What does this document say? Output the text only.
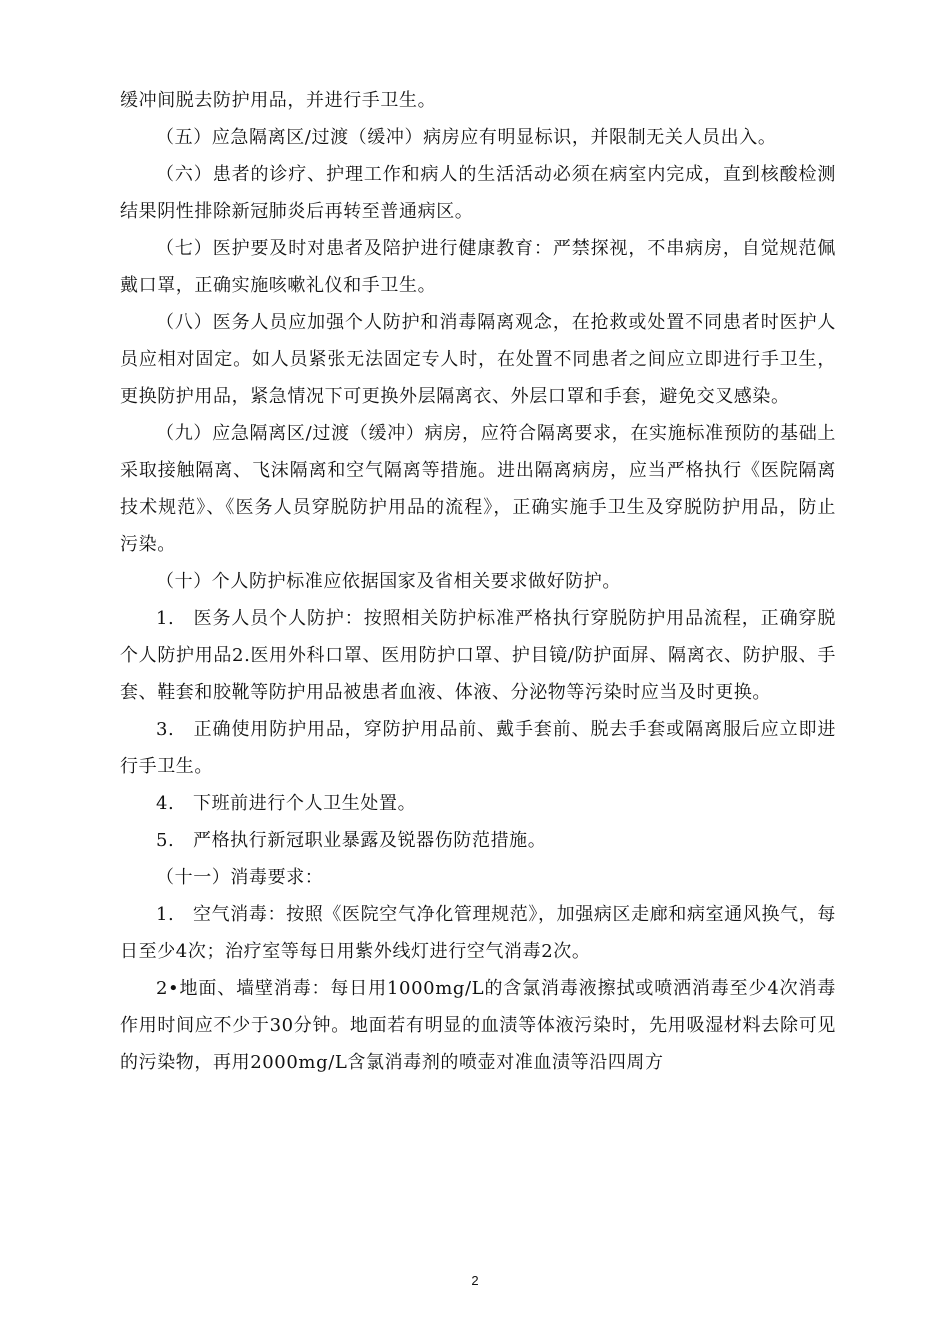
缓冲间脱去防护用品，并进行手卫生。

（五）应急隔离区/过渡（缓冲）病房应有明显标识，并限制无关人员出入。

（六）患者的诊疗、护理工作和病人的生活活动必须在病室内完成，直到核酸检测结果阴性排除新冠肺炎后再转至普通病区。

（七）医护要及时对患者及陪护进行健康教育：严禁探视，不串病房，自觉规范佩戴口罩，正确实施咳嗽礼仪和手卫生。

（八）医务人员应加强个人防护和消毒隔离观念，在抢救或处置不同患者时医护人员应相对固定。如人员紧张无法固定专人时，在处置不同患者之间应立即进行手卫生，更换防护用品，紧急情况下可更换外层隔离衣、外层口罩和手套，避免交叉感染。

（九）应急隔离区/过渡（缓冲）病房，应符合隔离要求，在实施标准预防的基础上采取接触隔离、飞沫隔离和空气隔离等措施。进出隔离病房，应当严格执行《医院隔离技术规范》、《医务人员穿脱防护用品的流程》，正确实施手卫生及穿脱防护用品，防止污染。

（十）个人防护标准应依据国家及省相关要求做好防护。

1.　医务人员个人防护：按照相关防护标准严格执行穿脱防护用品流程，正确穿脱个人防护用品2.医用外科口罩、医用防护口罩、护目镜/防护面屏、隔离衣、防护服、手套、鞋套和胶靴等防护用品被患者血液、体液、分泌物等污染时应当及时更换。

3.　正确使用防护用品，穿防护用品前、戴手套前、脱去手套或隔离服后应立即进行手卫生。

4.　下班前进行个人卫生处置。

5.　严格执行新冠职业暴露及锐器伤防范措施。

（十一）消毒要求：

1.　空气消毒：按照《医院空气净化管理规范》，加强病区走廊和病室通风换气，每日至少4次；治疗室等每日用紫外线灯进行空气消毒2次。

2•地面、墙壁消毒：每日用1000mg/L的含氯消毒液擦拭或喷洒消毒至少4次消毒作用时间应不少于30分钟。地面若有明显的血渍等体液污染时，先用吸湿材料去除可见的污染物，再用2000mg/L含氯消毒剂的喷壶对准血渍等沿四周方

2
